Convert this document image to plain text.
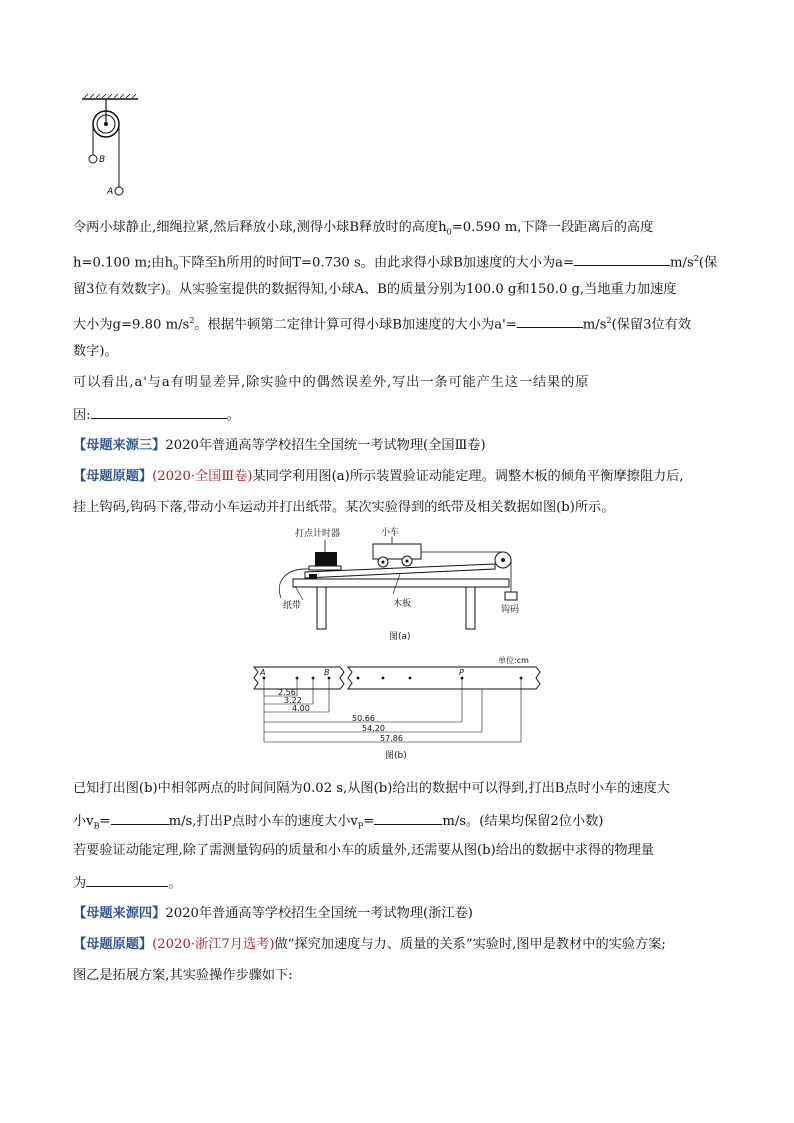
B
A
令两小球静止,细绳拉紧,然后释放小球,测得小球B释放时的高度$h_0=0.590$ m,下降一段距离后的高度
h=0.100 m;由$h_0$下降至h所用的时间T=0.730 s。由此求得小球B加速度的大小为a=	$m/s^2$(保
留3位有效数字)。从实验室提供的数据得知,小球A、B的质量分别为100.0 g和150.0 g,当地重力加速度
大小为g=9.80 $m/s^2$。根据牛顿第二定律计算可得小球B加速度的大小为a'=	$m/s^2$(保留3位有效
数字)。
可以看出,a'与a有明显差异,除实验中的偶然误差外,写出一条可能产生这一结果的原
因:	。
【母题来源三】2020年普通高等学校招生全国统一考试物理(全国Ⅲ卷)
【母题原题】(2020·全国Ⅲ卷)某同学利用图(a)所示装置验证动能定理。调整木板的倾角平衡摩擦阻力后,
挂上钩码,钩码下落,带动小车运动并打出纸带。某次实验得到的纸带及相关数据如图(b)所示。
打点计时器	小车
纸带	木板
钩码
图(a)
单位:cm
A	B	P
2.56
3.22
4.00
50.66
54.20
57.86
图(b)
已知打出图(b)中相邻两点的时间间隔为0.02 s,从图(b)给出的数据中可以得到,打出B点时小车的速度大
小$v_B=$	m/s,打出P点时小车的速度大小$v_P=$	m/s。(结果均保留2位小数)
若要验证动能定理,除了需测量钩码的质量和小车的质量外,还需要从图(b)给出的数据中求得的物理量
为	。
【母题来源四】2020年普通高等学校招生全国统一考试物理(浙江卷)
【母题原题】(2020·浙江7月选考)做“探究加速度与力、质量的关系”实验时,图甲是教材中的实验方案;
图乙是拓展方案,其实验操作步骤如下:
